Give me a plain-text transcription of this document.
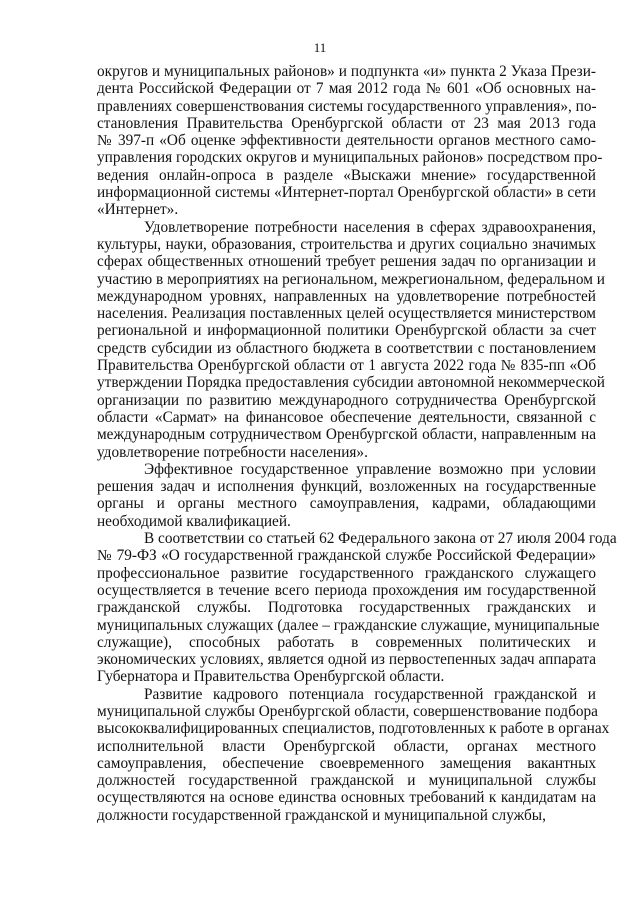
11
округов и муниципальных районов» и подпункта «и» пункта 2 Указа Прези-
дента Российской Федерации от 7 мая 2012 года № 601 «Об основных на-
правлениях совершенствования системы государственного управления», по-
становления Правительства Оренбургской области от 23 мая 2013 года
№ 397-п «Об оценке эффективности деятельности органов местного само-
управления городских округов и муниципальных районов» посредством про-
ведения онлайн-опроса в разделе «Выскажи мнение» государственной
информационной системы «Интернет-портал Оренбургской области» в сети
«Интернет».
Удовлетворение потребности населения в сферах здравоохранения,
культуры, науки, образования, строительства и других социально значимых
сферах общественных отношений требует решения задач по организации и
участию в мероприятиях на региональном, межрегиональном, федеральном и
международном уровнях, направленных на удовлетворение потребностей
населения. Реализация поставленных целей осуществляется министерством
региональной и информационной политики Оренбургской области за счет
средств субсидии из областного бюджета в соответствии с постановлением
Правительства Оренбургской области от 1 августа 2022 года № 835-пп «Об
утверждении Порядка предоставления субсидии автономной некоммерческой
организации по развитию международного сотрудничества Оренбургской
области «Сармат» на финансовое обеспечение деятельности, связанной с
международным сотрудничеством Оренбургской области, направленным на
удовлетворение потребности населения».
Эффективное государственное управление возможно при условии
решения задач и исполнения функций, возложенных на государственные
органы и органы местного самоуправления, кадрами, обладающими
необходимой квалификацией.
В соответствии со статьей 62 Федерального закона от 27 июля 2004 года
№ 79-ФЗ «О государственной гражданской службе Российской Федерации»
профессиональное развитие государственного гражданского служащего
осуществляется в течение всего периода прохождения им государственной
гражданской службы. Подготовка государственных гражданских и
муниципальных служащих (далее – гражданские служащие, муниципальные
служащие), способных работать в современных политических и
экономических условиях, является одной из первостепенных задач аппарата
Губернатора и Правительства Оренбургской области.
Развитие кадрового потенциала государственной гражданской и
муниципальной службы Оренбургской области, совершенствование подбора
высококвалифицированных специалистов, подготовленных к работе в органах
исполнительной власти Оренбургской области, органах местного
самоуправления, обеспечение своевременного замещения вакантных
должностей государственной гражданской и муниципальной службы
осуществляются на основе единства основных требований к кандидатам на
должности государственной гражданской и муниципальной службы,
